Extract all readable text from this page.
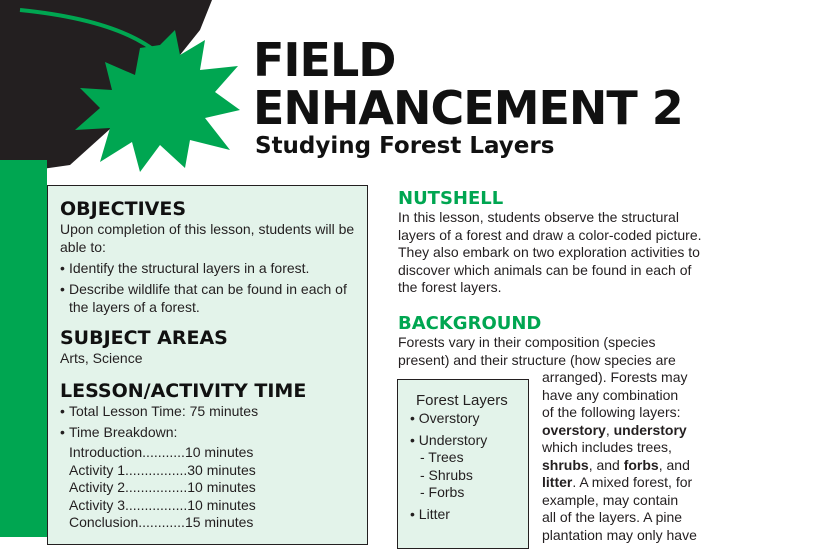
FIELD
ENHANCEMENT 2
Studying Forest Layers
OBJECTIVES

Upon completion of this lesson, students will be able to:

• Identify the structural layers in a forest.

• Describe wildlife that can be found in each of the layers of a forest.

SUBJECT AREAS

Arts, Science

LESSON/ACTIVITY TIME

• Total Lesson Time: 75 minutes

• Time Breakdown:

Introduction...........10 minutes

Activity 1................30 minutes

Activity 2................10 minutes

Activity 3................10 minutes

Conclusion............15 minutes

NUTSHELL
In this lesson, students observe the structural
layers of a forest and draw a color-coded picture.
They also embark on two exploration activities to
discover which animals can be found in each of
the forest layers.
BACKGROUND
Forests vary in their composition (species
present) and their structure (how species are
arranged). Forests may
have any combination
of the following layers:
overstory, understory
which includes trees,
shrubs, and forbs, and
litter. A mixed forest, for
example, may contain
all of the layers. A pine
plantation may only have
Forest Layers

• Overstory

• Understory

- Trees

- Shrubs

- Forbs

• Litter
